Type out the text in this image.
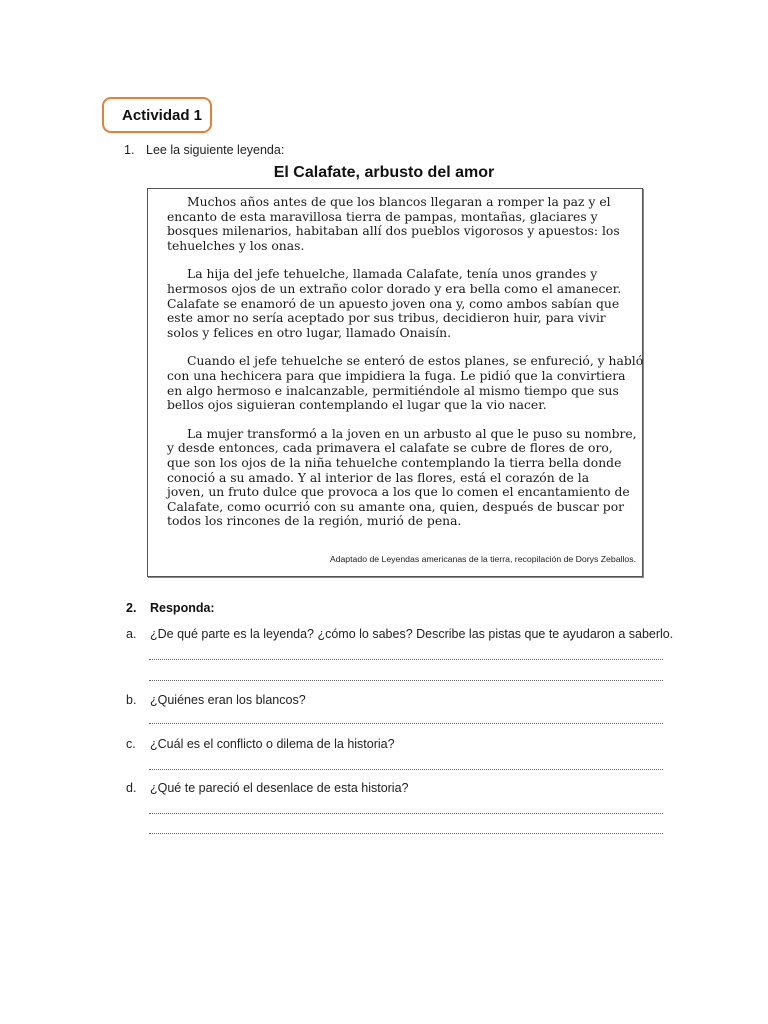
Actividad 1
1. Lee la siguiente leyenda:
El Calafate, arbusto del amor
Muchos años antes de que los blancos llegaran a romper la paz y el
encanto de esta maravillosa tierra de pampas, montañas, glaciares y
bosques milenarios, habitaban allí dos pueblos vigorosos y apuestos: los
tehuelches y los onas.
La hija del jefe tehuelche, llamada Calafate, tenía unos grandes y
hermosos ojos de un extraño color dorado y era bella como el amanecer.
Calafate se enamoró de un apuesto joven ona y, como ambos sabían que
este amor no sería aceptado por sus tribus, decidieron huir, para vivir
solos y felices en otro lugar, llamado Onaisín.
Cuando el jefe tehuelche se enteró de estos planes, se enfureció, y habló
con una hechicera para que impidiera la fuga. Le pidió que la convirtiera
en algo hermoso e inalcanzable, permitiéndole al mismo tiempo que sus
bellos ojos siguieran contemplando el lugar que la vio nacer.
La mujer transformó a la joven en un arbusto al que le puso su nombre,
y desde entonces, cada primavera el calafate se cubre de flores de oro,
que son los ojos de la niña tehuelche contemplando la tierra bella donde
conoció a su amado. Y al interior de las flores, está el corazón de la
joven, un fruto dulce que provoca a los que lo comen el encantamiento de
Calafate, como ocurrió con su amante ona, quien, después de buscar por
todos los rincones de la región, murió de pena.
Adaptado de Leyendas americanas de la tierra, recopilación de Dorys Zeballos.
2. Responda:
a. ¿De qué parte es la leyenda? ¿cómo lo sabes? Describe las pistas que te ayudaron a saberlo.
b. ¿Quiénes eran los blancos?
c. ¿Cuál es el conflicto o dilema de la historia?
d. ¿Qué te pareció el desenlace de esta historia?
